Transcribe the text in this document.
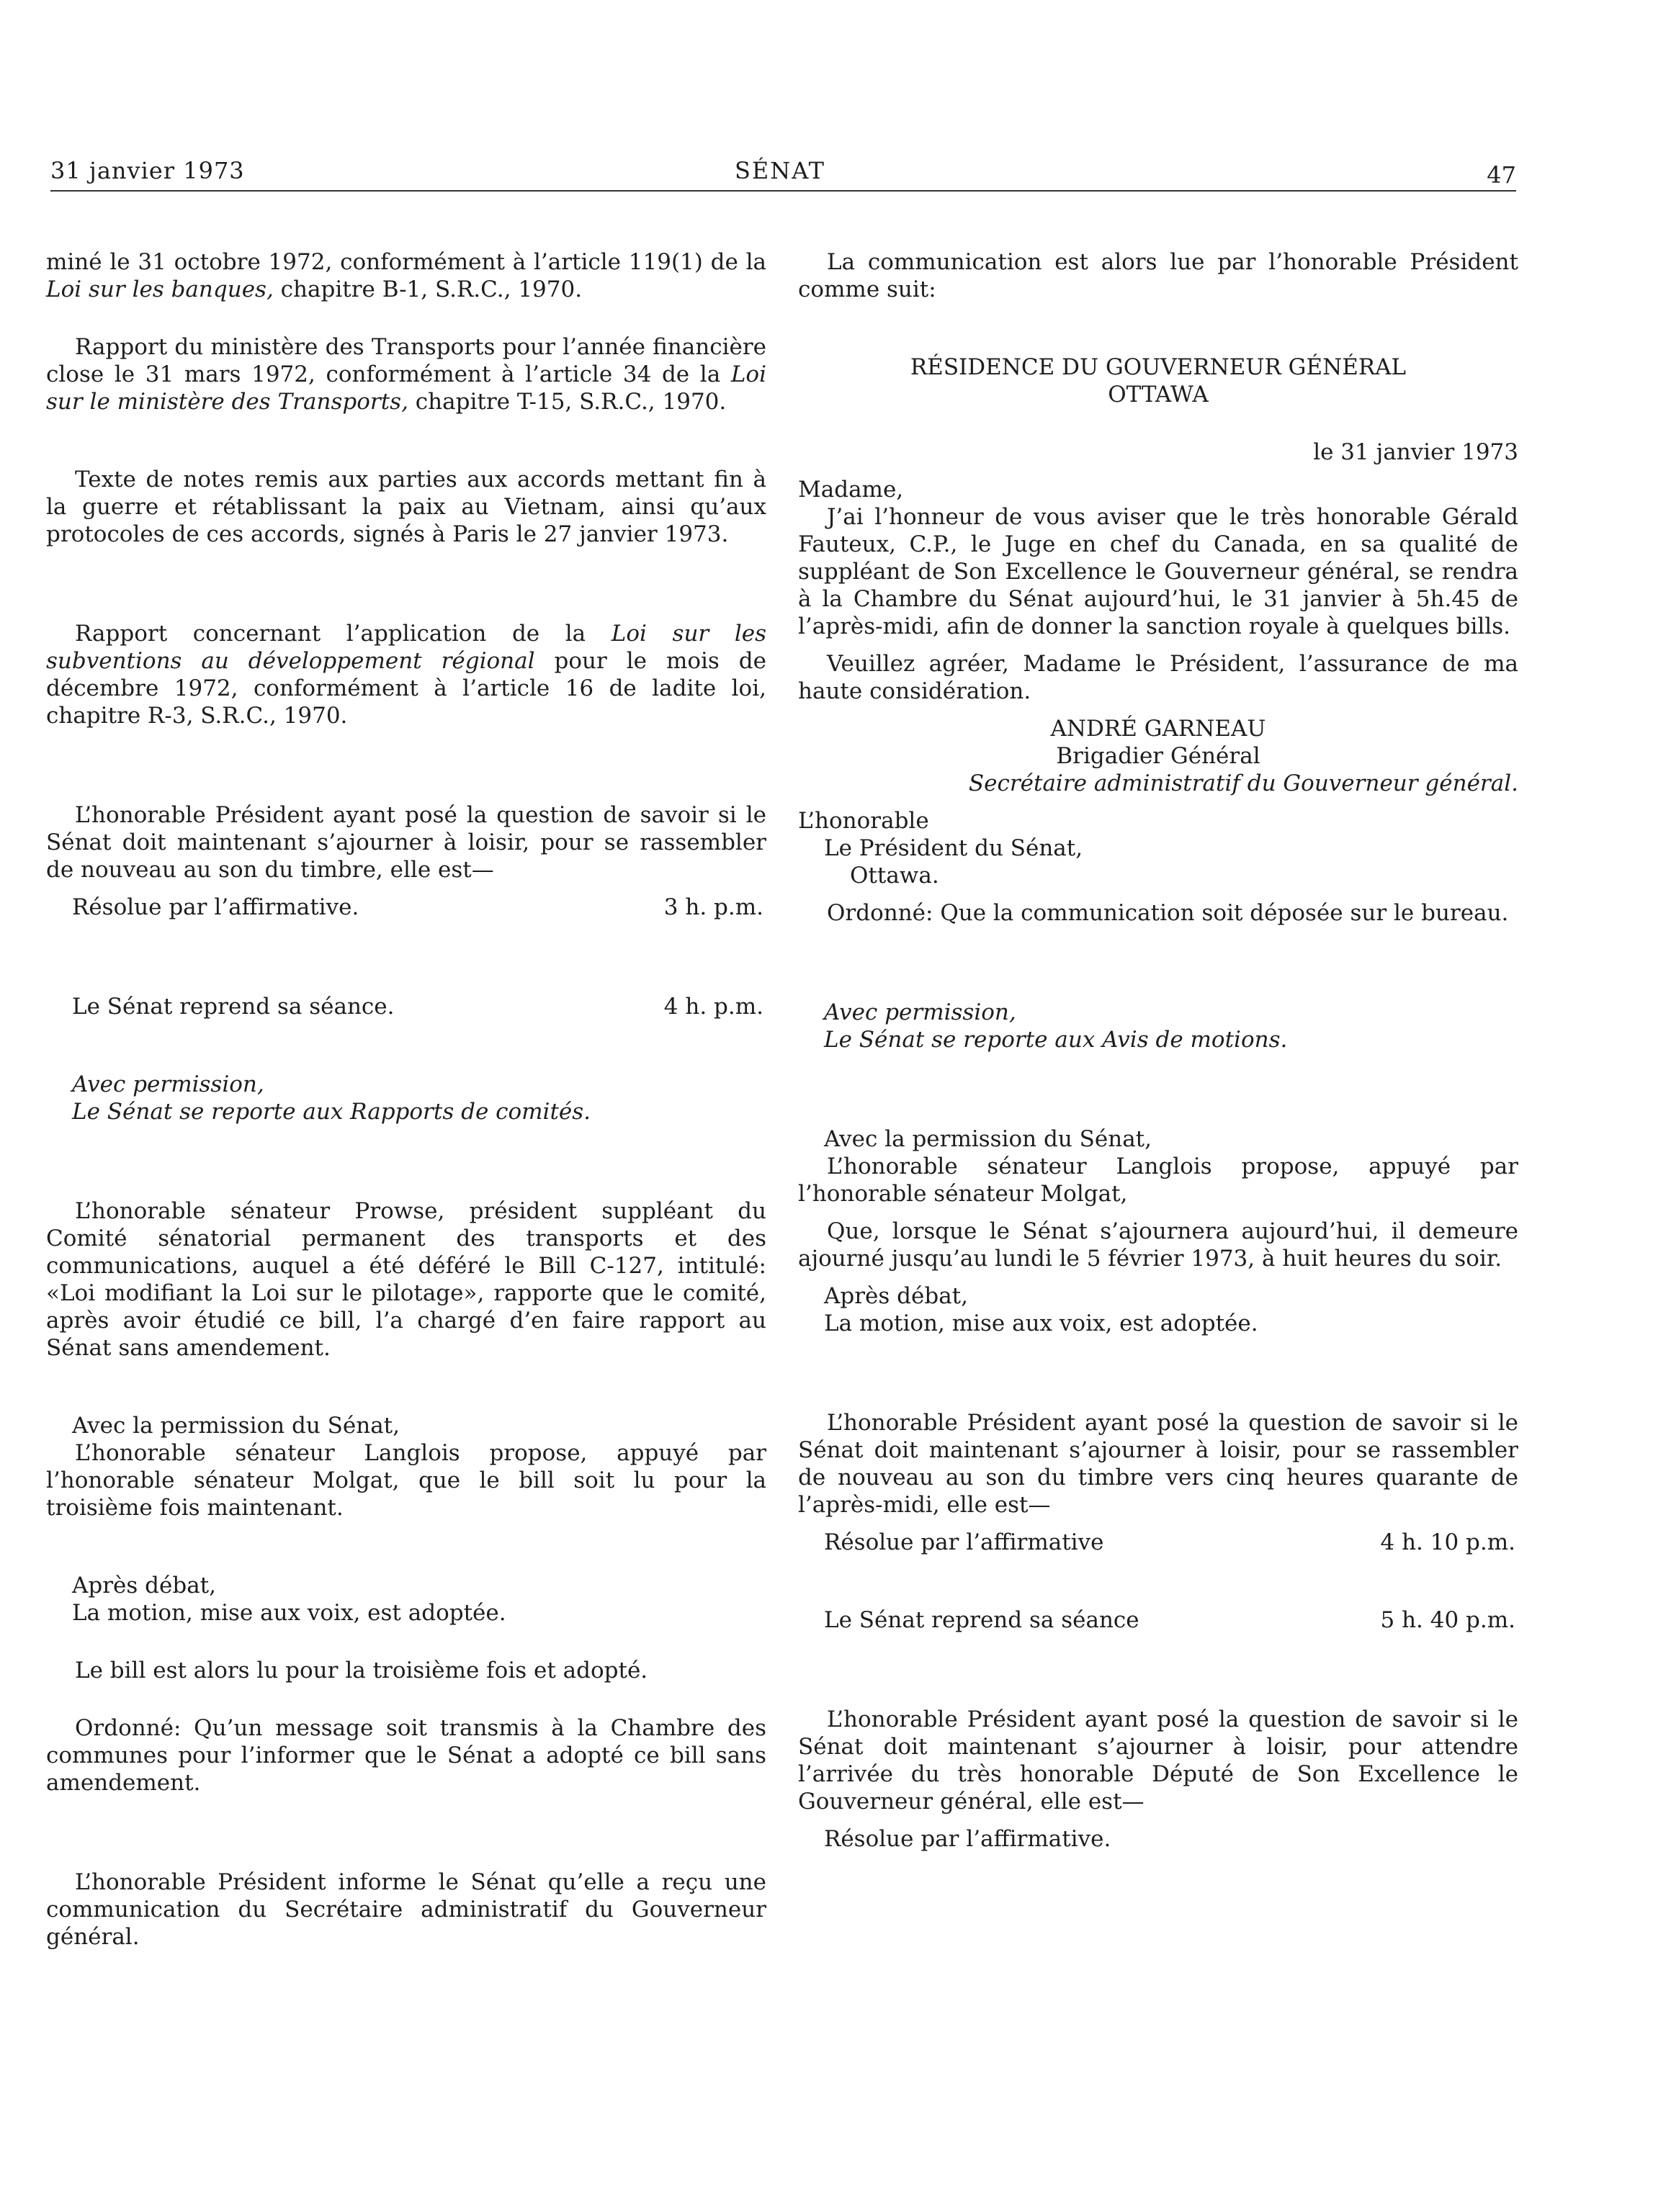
31 janvier 1973	SÉNAT	47

miné le 31 octobre 1972, conformément à l’article 119(1) de la Loi sur les banques, chapitre B-1, S.R.C., 1970.

Rapport du ministère des Transports pour l’année financière close le 31 mars 1972, conformément à l’article 34 de la Loi sur le ministère des Transports, chapitre T-15, S.R.C., 1970.

Texte de notes remis aux parties aux accords mettant fin à la guerre et rétablissant la paix au Vietnam, ainsi qu’aux protocoles de ces accords, signés à Paris le 27 janvier 1973.

Rapport concernant l’application de la Loi sur les subventions au développement régional pour le mois de décembre 1972, conformément à l’article 16 de ladite loi, chapitre R-3, S.R.C., 1970.

L’honorable Président ayant posé la question de savoir si le Sénat doit maintenant s’ajourner à loisir, pour se rassembler de nouveau au son du timbre, elle est—

Résolue par l’affirmative.	3 h. p.m.
Le Sénat reprend sa séance.	4 h. p.m.

Avec permission,

Le Sénat se reporte aux Rapports de comités.

L’honorable sénateur Prowse, président suppléant du Comité sénatorial permanent des transports et des communications, auquel a été déféré le Bill C-127, intitulé: «Loi modifiant la Loi sur le pilotage», rapporte que le comité, après avoir étudié ce bill, l’a chargé d’en faire rapport au Sénat sans amendement.

Avec la permission du Sénat,

L’honorable sénateur Langlois propose, appuyé par l’honorable sénateur Molgat, que le bill soit lu pour la troisième fois maintenant.

Après débat,

La motion, mise aux voix, est adoptée.

Le bill est alors lu pour la troisième fois et adopté.

Ordonné: Qu’un message soit transmis à la Chambre des communes pour l’informer que le Sénat a adopté ce bill sans amendement.

L’honorable Président informe le Sénat qu’elle a reçu une communication du Secrétaire administratif du Gouverneur général.

La communication est alors lue par l’honorable Président comme suit:

RÉSIDENCE DU GOUVERNEUR GÉNÉRAL

OTTAWA

le 31 janvier 1973

Madame,

J’ai l’honneur de vous aviser que le très honorable Gérald Fauteux, C.P., le Juge en chef du Canada, en sa qualité de suppléant de Son Excellence le Gouverneur général, se rendra à la Chambre du Sénat aujourd’hui, le 31 janvier à 5h.45 de l’après-midi, afin de donner la sanction royale à quelques bills.

Veuillez agréer, Madame le Président, l’assurance de ma haute considération.

ANDRÉ GARNEAU

Brigadier Général

Secrétaire administratif du Gouverneur général.

L’honorable

Le Président du Sénat,

Ottawa.

Ordonné: Que la communication soit déposée sur le bureau.

Avec permission,

Le Sénat se reporte aux Avis de motions.

Avec la permission du Sénat,

L’honorable sénateur Langlois propose, appuyé par l’honorable sénateur Molgat,

Que, lorsque le Sénat s’ajournera aujourd’hui, il demeure ajourné jusqu’au lundi le 5 février 1973, à huit heures du soir.

Après débat,

La motion, mise aux voix, est adoptée.

L’honorable Président ayant posé la question de savoir si le Sénat doit maintenant s’ajourner à loisir, pour se rassembler de nouveau au son du timbre vers cinq heures quarante de l’après-midi, elle est—

Résolue par l’affirmative	4 h. 10 p.m.
Le Sénat reprend sa séance	5 h. 40 p.m.

L’honorable Président ayant posé la question de savoir si le Sénat doit maintenant s’ajourner à loisir, pour attendre l’arrivée du très honorable Député de Son Excellence le Gouverneur général, elle est—

Résolue par l’affirmative.
